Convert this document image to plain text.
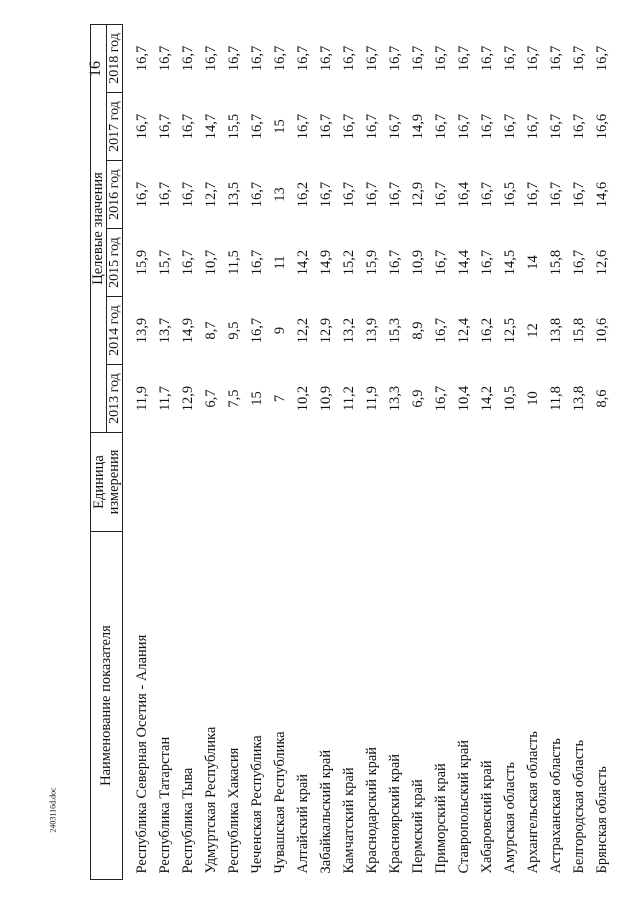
16
Наименование показателя	Единица измерения	Целевые значения					
		2013 год	2014 год	2015 год	2016 год	2017 год	2018 год
Республика Северная Осетия - Алания		11,9	13,9	15,9	16,7	16,7	16,7
Республика Татарстан		11,7	13,7	15,7	16,7	16,7	16,7
Республика Тыва		12,9	14,9	16,7	16,7	16,7	16,7
Удмуртская Республика		6,7	8,7	10,7	12,7	14,7	16,7
Республика Хакасия		7,5	9,5	11,5	13,5	15,5	16,7
Чеченская Республика		15	16,7	16,7	16,7	16,7	16,7
Чувашская Республика		7	9	11	13	15	16,7
Алтайский край		10,2	12,2	14,2	16,2	16,7	16,7
Забайкальский край		10,9	12,9	14,9	16,7	16,7	16,7
Камчатский край		11,2	13,2	15,2	16,7	16,7	16,7
Краснодарский край		11,9	13,9	15,9	16,7	16,7	16,7
Красноярский край		13,3	15,3	16,7	16,7	16,7	16,7
Пермский край		6,9	8,9	10,9	12,9	14,9	16,7
Приморский край		16,7	16,7	16,7	16,7	16,7	16,7
Ставропольский край		10,4	12,4	14,4	16,4	16,7	16,7
Хабаровский край		14,2	16,2	16,7	16,7	16,7	16,7
Амурская область		10,5	12,5	14,5	16,5	16,7	16,7
Архангельская область		10	12	14	16,7	16,7	16,7
Астраханская область		11,8	13,8	15,8	16,7	16,7	16,7
Белгородская область		13,8	15,8	16,7	16,7	16,7	16,7
Брянская область		8,6	10,6	12,6	14,6	16,6	16,7
2403116d.doc
